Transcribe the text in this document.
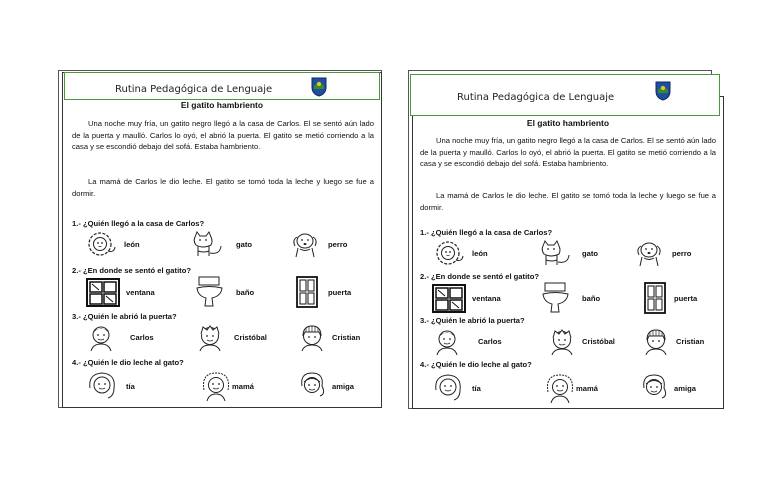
Rutina Pedagógica de Lenguaje
El gatito hambriento
Una noche muy fría, un gatito negro llegó a la casa de Carlos. El se sentó aún lado de la puerta y maulló. Carlos lo oyó, el abrió la puerta. El gatito se metió corriendo a la casa y se escondió debajo del sofá. Estaba hambriento.
La mamá de Carlos le dio leche. El gatito se tomó toda la leche y luego se fue a dormir.
1.- ¿Quién llegó a la casa de Carlos?
león	gato	perro
2.- ¿En donde se sentó el gatito?
ventana	baño	puerta
3.- ¿Quién le abrió la puerta?
Carlos	Cristóbal	Cristian
4.- ¿Quién le dio leche al gato?
tía	mamá	amiga
Rutina Pedagógica de Lenguaje
El gatito hambriento
Una noche muy fría, un gatito negro llegó a la casa de Carlos. El se sentó aún lado de la puerta y maulló. Carlos lo oyó, el abrió la puerta. El gatito se metió corriendo a la casa y se escondió debajo del sofá. Estaba hambriento.
La mamá de Carlos le dio leche. El gatito se tomó toda la leche y luego se fue a dormir.
1.- ¿Quién llegó a la casa de Carlos?
león	gato	perro
2.- ¿En donde se sentó el gatito?
ventana	baño	puerta
3.- ¿Quién le abrió la puerta?
Carlos	Cristóbal	Cristian
4.- ¿Quién le dio leche al gato?
tía	mamá	amiga
